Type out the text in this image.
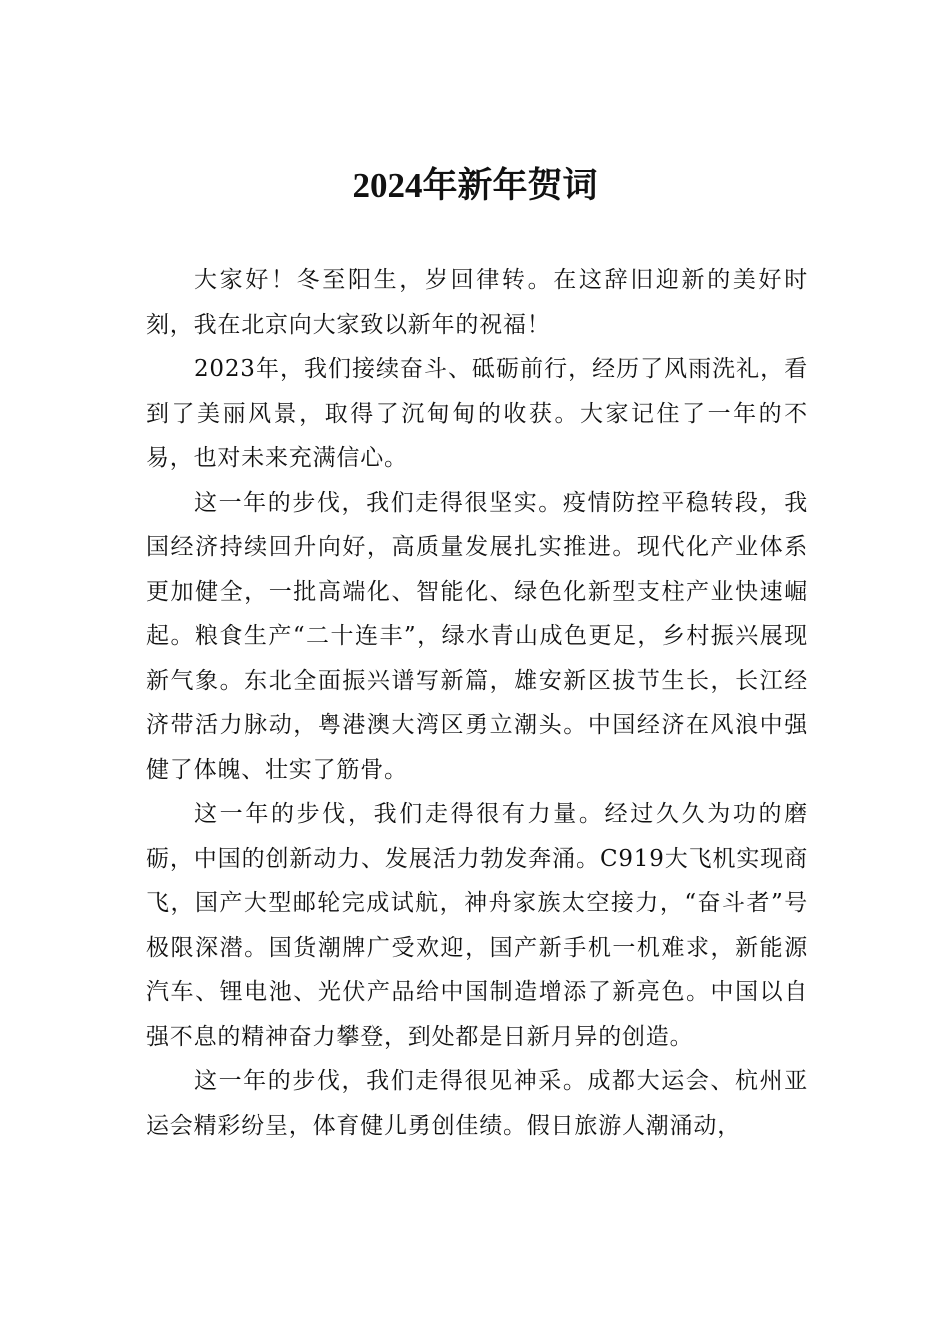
2024年新年贺词

大家好！冬至阳生，岁回律转。在这辞旧迎新的美好时刻，我在北京向大家致以新年的祝福！

2023年，我们接续奋斗、砥砺前行，经历了风雨洗礼，看到了美丽风景，取得了沉甸甸的收获。大家记住了一年的不易，也对未来充满信心。

这一年的步伐，我们走得很坚实。疫情防控平稳转段，我国经济持续回升向好，高质量发展扎实推进。现代化产业体系更加健全，一批高端化、智能化、绿色化新型支柱产业快速崛起。粮食生产“二十连丰”，绿水青山成色更足，乡村振兴展现新气象。东北全面振兴谱写新篇，雄安新区拔节生长，长江经济带活力脉动，粤港澳大湾区勇立潮头。中国经济在风浪中强健了体魄、壮实了筋骨。

这一年的步伐，我们走得很有力量。经过久久为功的磨砺，中国的创新动力、发展活力勃发奔涌。C919大飞机实现商飞，国产大型邮轮完成试航，神舟家族太空接力，“奋斗者”号极限深潜。国货潮牌广受欢迎，国产新手机一机难求，新能源汽车、锂电池、光伏产品给中国制造增添了新亮色。中国以自强不息的精神奋力攀登，到处都是日新月异的创造。

这一年的步伐，我们走得很见神采。成都大运会、杭州亚运会精彩纷呈，体育健儿勇创佳绩。假日旅游人潮涌动，
